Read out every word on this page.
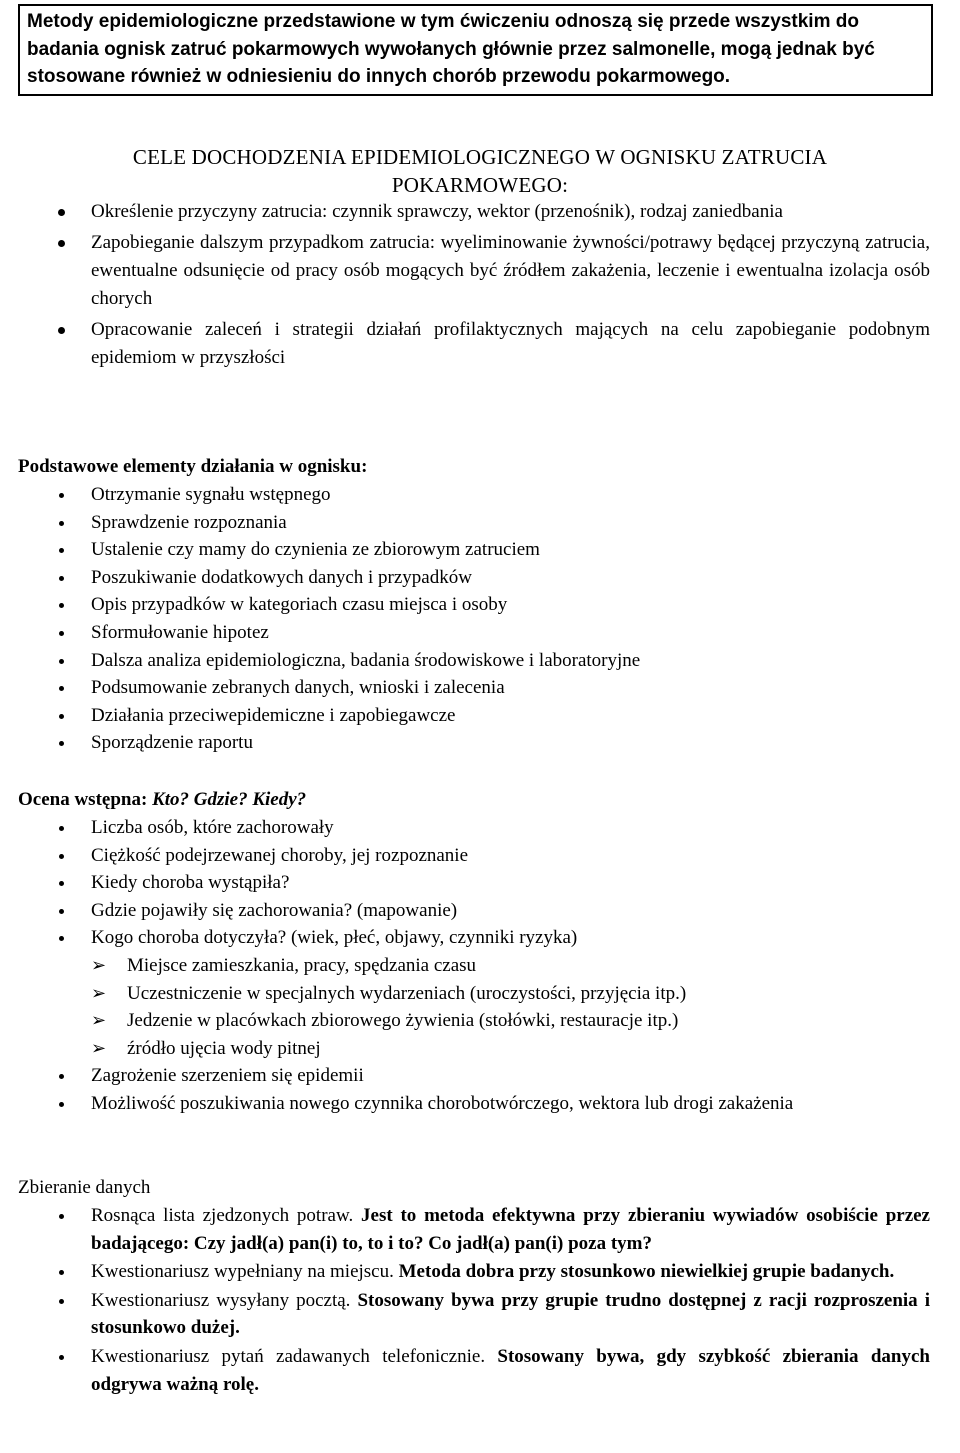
Metody epidemiologiczne przedstawione w tym ćwiczeniu odnoszą się przede wszystkim do badania ognisk zatruć pokarmowych wywołanych głównie przez salmonelle, mogą jednak być stosowane również w odniesieniu do innych chorób przewodu pokarmowego.
CELE DOCHODZENIA EPIDEMIOLOGICZNEGO W OGNISKU ZATRUCIA
POKARMOWEGO:
Określenie przyczyny zatrucia: czynnik sprawczy, wektor (przenośnik), rodzaj zaniedbania
Zapobieganie dalszym przypadkom zatrucia: wyeliminowanie żywności/potrawy będącej przyczyną zatrucia, ewentualne odsunięcie od pracy osób mogących być źródłem zakażenia, leczenie i ewentualna izolacja osób chorych
Opracowanie zaleceń i strategii działań profilaktycznych mających na celu zapobieganie podobnym epidemiom w przyszłości
Podstawowe elementy działania w ognisku:
Otrzymanie sygnału wstępnego
Sprawdzenie rozpoznania
Ustalenie czy mamy do czynienia ze zbiorowym zatruciem
Poszukiwanie dodatkowych danych i przypadków
Opis przypadków w kategoriach czasu miejsca i osoby
Sformułowanie hipotez
Dalsza analiza epidemiologiczna, badania środowiskowe i laboratoryjne
Podsumowanie zebranych danych, wnioski i zalecenia
Działania przeciwepidemiczne i zapobiegawcze
Sporządzenie raportu
Ocena wstępna: Kto? Gdzie? Kiedy?
Liczba osób, które zachorowały
Ciężkość podejrzewanej choroby, jej rozpoznanie
Kiedy choroba wystąpiła?
Gdzie pojawiły się zachorowania? (mapowanie)
Kogo choroba dotyczyła? (wiek, płeć, objawy, czynniki ryzyka)
➢ Miejsce zamieszkania, pracy, spędzania czasu
➢ Uczestniczenie w specjalnych wydarzeniach (uroczystości, przyjęcia itp.)
➢ Jedzenie w placówkach zbiorowego żywienia (stołówki, restauracje itp.)
➢ źródło ujęcia wody pitnej
Zagrożenie szerzeniem się epidemii
Możliwość poszukiwania nowego czynnika chorobotwórczego, wektora lub drogi zakażenia
Zbieranie danych
Rosnąca lista zjedzonych potraw. Jest to metoda efektywna przy zbieraniu wywiadów osobiście przez badającego: Czy jadł(a) pan(i) to, to i to? Co jadł(a) pan(i) poza tym?
Kwestionariusz wypełniany na miejscu. Metoda dobra przy stosunkowo niewielkiej grupie badanych.
Kwestionariusz wysyłany pocztą. Stosowany bywa przy grupie trudno dostępnej z racji rozproszenia i stosunkowo dużej.
Kwestionariusz pytań zadawanych telefonicznie. Stosowany bywa, gdy szybkość zbierania danych odgrywa ważną rolę.
